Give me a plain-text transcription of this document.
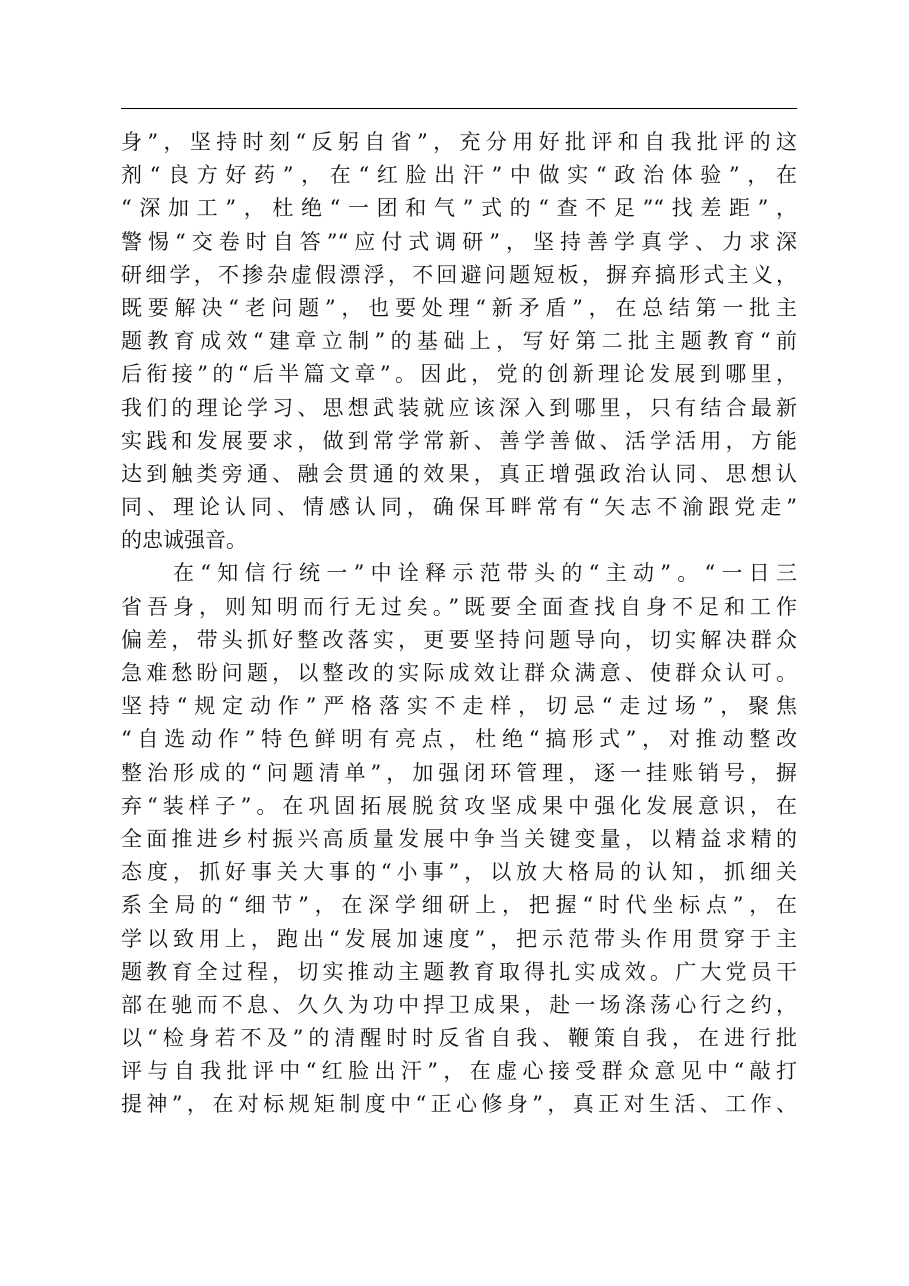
身”，坚持时刻“反躬自省”，充分用好批评和自我批评的这
剂“良方好药”，在“红脸出汗”中做实“政治体验”，在
“深加工”，杜绝“一团和气”式的“查不足”“找差距”，
警惕“交卷时自答”“应付式调研”，坚持善学真学、力求深
研细学，不掺杂虚假漂浮，不回避问题短板，摒弃搞形式主义，
既要解决“老问题”，也要处理“新矛盾”，在总结第一批主
题教育成效“建章立制”的基础上，写好第二批主题教育“前
后衔接”的“后半篇文章”。因此，党的创新理论发展到哪里，
我们的理论学习、思想武装就应该深入到哪里，只有结合最新
实践和发展要求，做到常学常新、善学善做、活学活用，方能
达到触类旁通、融会贯通的效果，真正增强政治认同、思想认
同、理论认同、情感认同，确保耳畔常有“矢志不渝跟党走”
的忠诚强音。
在“知信行统一”中诠释示范带头的“主动”。“一日三
省吾身，则知明而行无过矣。”既要全面查找自身不足和工作
偏差，带头抓好整改落实，更要坚持问题导向，切实解决群众
急难愁盼问题，以整改的实际成效让群众满意、使群众认可。
坚持“规定动作”严格落实不走样，切忌“走过场”，聚焦
“自选动作”特色鲜明有亮点，杜绝“搞形式”，对推动整改
整治形成的“问题清单”，加强闭环管理，逐一挂账销号，摒
弃“装样子”。在巩固拓展脱贫攻坚成果中强化发展意识，在
全面推进乡村振兴高质量发展中争当关键变量，以精益求精的
态度，抓好事关大事的“小事”，以放大格局的认知，抓细关
系全局的“细节”，在深学细研上，把握“时代坐标点”，在
学以致用上，跑出“发展加速度”，把示范带头作用贯穿于主
题教育全过程，切实推动主题教育取得扎实成效。广大党员干
部在驰而不息、久久为功中捍卫成果，赴一场涤荡心行之约，
以“检身若不及”的清醒时时反省自我、鞭策自我，在进行批
评与自我批评中“红脸出汗”，在虚心接受群众意见中“敲打
提神”，在对标规矩制度中“正心修身”，真正对生活、工作、
